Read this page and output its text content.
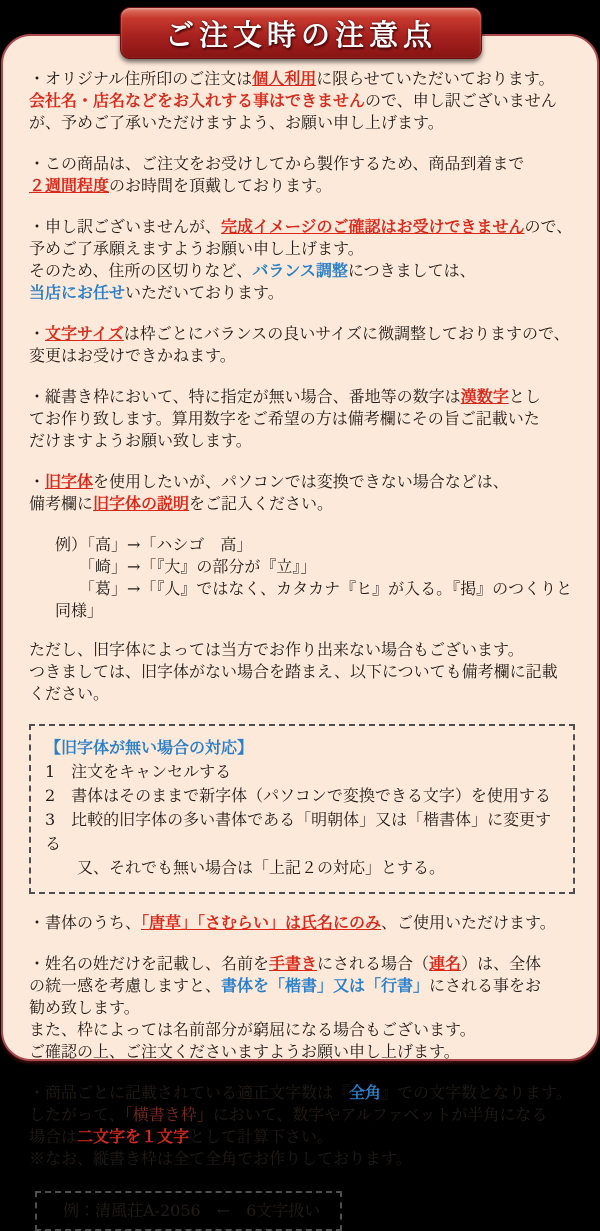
ご注文時の注意点
・オリジナル住所印のご注文は個人利用に限らせていただいております。
会社名・店名などをお入れする事はできませんので、申し訳ございません
が、予めご了承いただけますよう、お願い申し上げます。
・この商品は、ご注文をお受けしてから製作するため、商品到着まで
２週間程度のお時間を頂戴しております。
・申し訳ございませんが、完成イメージのご確認はお受けできませんので、
予めご了承願えますようお願い申し上げます。
そのため、住所の区切りなど、バランス調整につきましては、
当店にお任せいただいております。
・文字サイズは枠ごとにバランスの良いサイズに微調整しておりますので、
変更はお受けできかねます。
・縦書き枠において、特に指定が無い場合、番地等の数字は漢数字とし
てお作り致します。算用数字をご希望の方は備考欄にその旨ご記載いた
だけますようお願い致します。
・旧字体を使用したいが、パソコンでは変換できない場合などは、
備考欄に旧字体の説明をご記入ください。
例）「高」→「ハシゴ　高」
　　「崎」→「『大』の部分が『立』」
　　「葛」→「『人』ではなく、カタカナ『ヒ』が入る。『掲』のつくりと同様」
ただし、旧字体によっては当方でお作り出来ない場合もございます。
つきましては、旧字体がない場合を踏まえ、以下についても備考欄に記載
ください。
【旧字体が無い場合の対応】
1　注文をキャンセルする
2　書体はそのままで新字体（パソコンで変換できる文字）を使用する
3　比較的旧字体の多い書体である「明朝体」又は「楷書体」に変更する
　　又、それでも無い場合は「上記２の対応」とする。
・書体のうち、「唐草」「さむらい」は氏名にのみ、ご使用いただけます。
・姓名の姓だけを記載し、名前を手書きにされる場合（連名）は、全体
の統一感を考慮しますと、書体を「楷書」又は「行書」にされる事をお
勧め致します。
また、枠によっては名前部分が窮屈になる場合もございます。
ご確認の上、ご注文くださいますようお願い申し上げます。
・商品ごとに記載されている適正文字数は『全角』での文字数となります。
したがって、「横書き枠」において、数字やアルファベットが半角になる
場合は二文字を１文字として計算下さい。
※なお、縦書き枠は全て全角でお作りしております。
例：清風荘A-2056　←　6文字扱い
